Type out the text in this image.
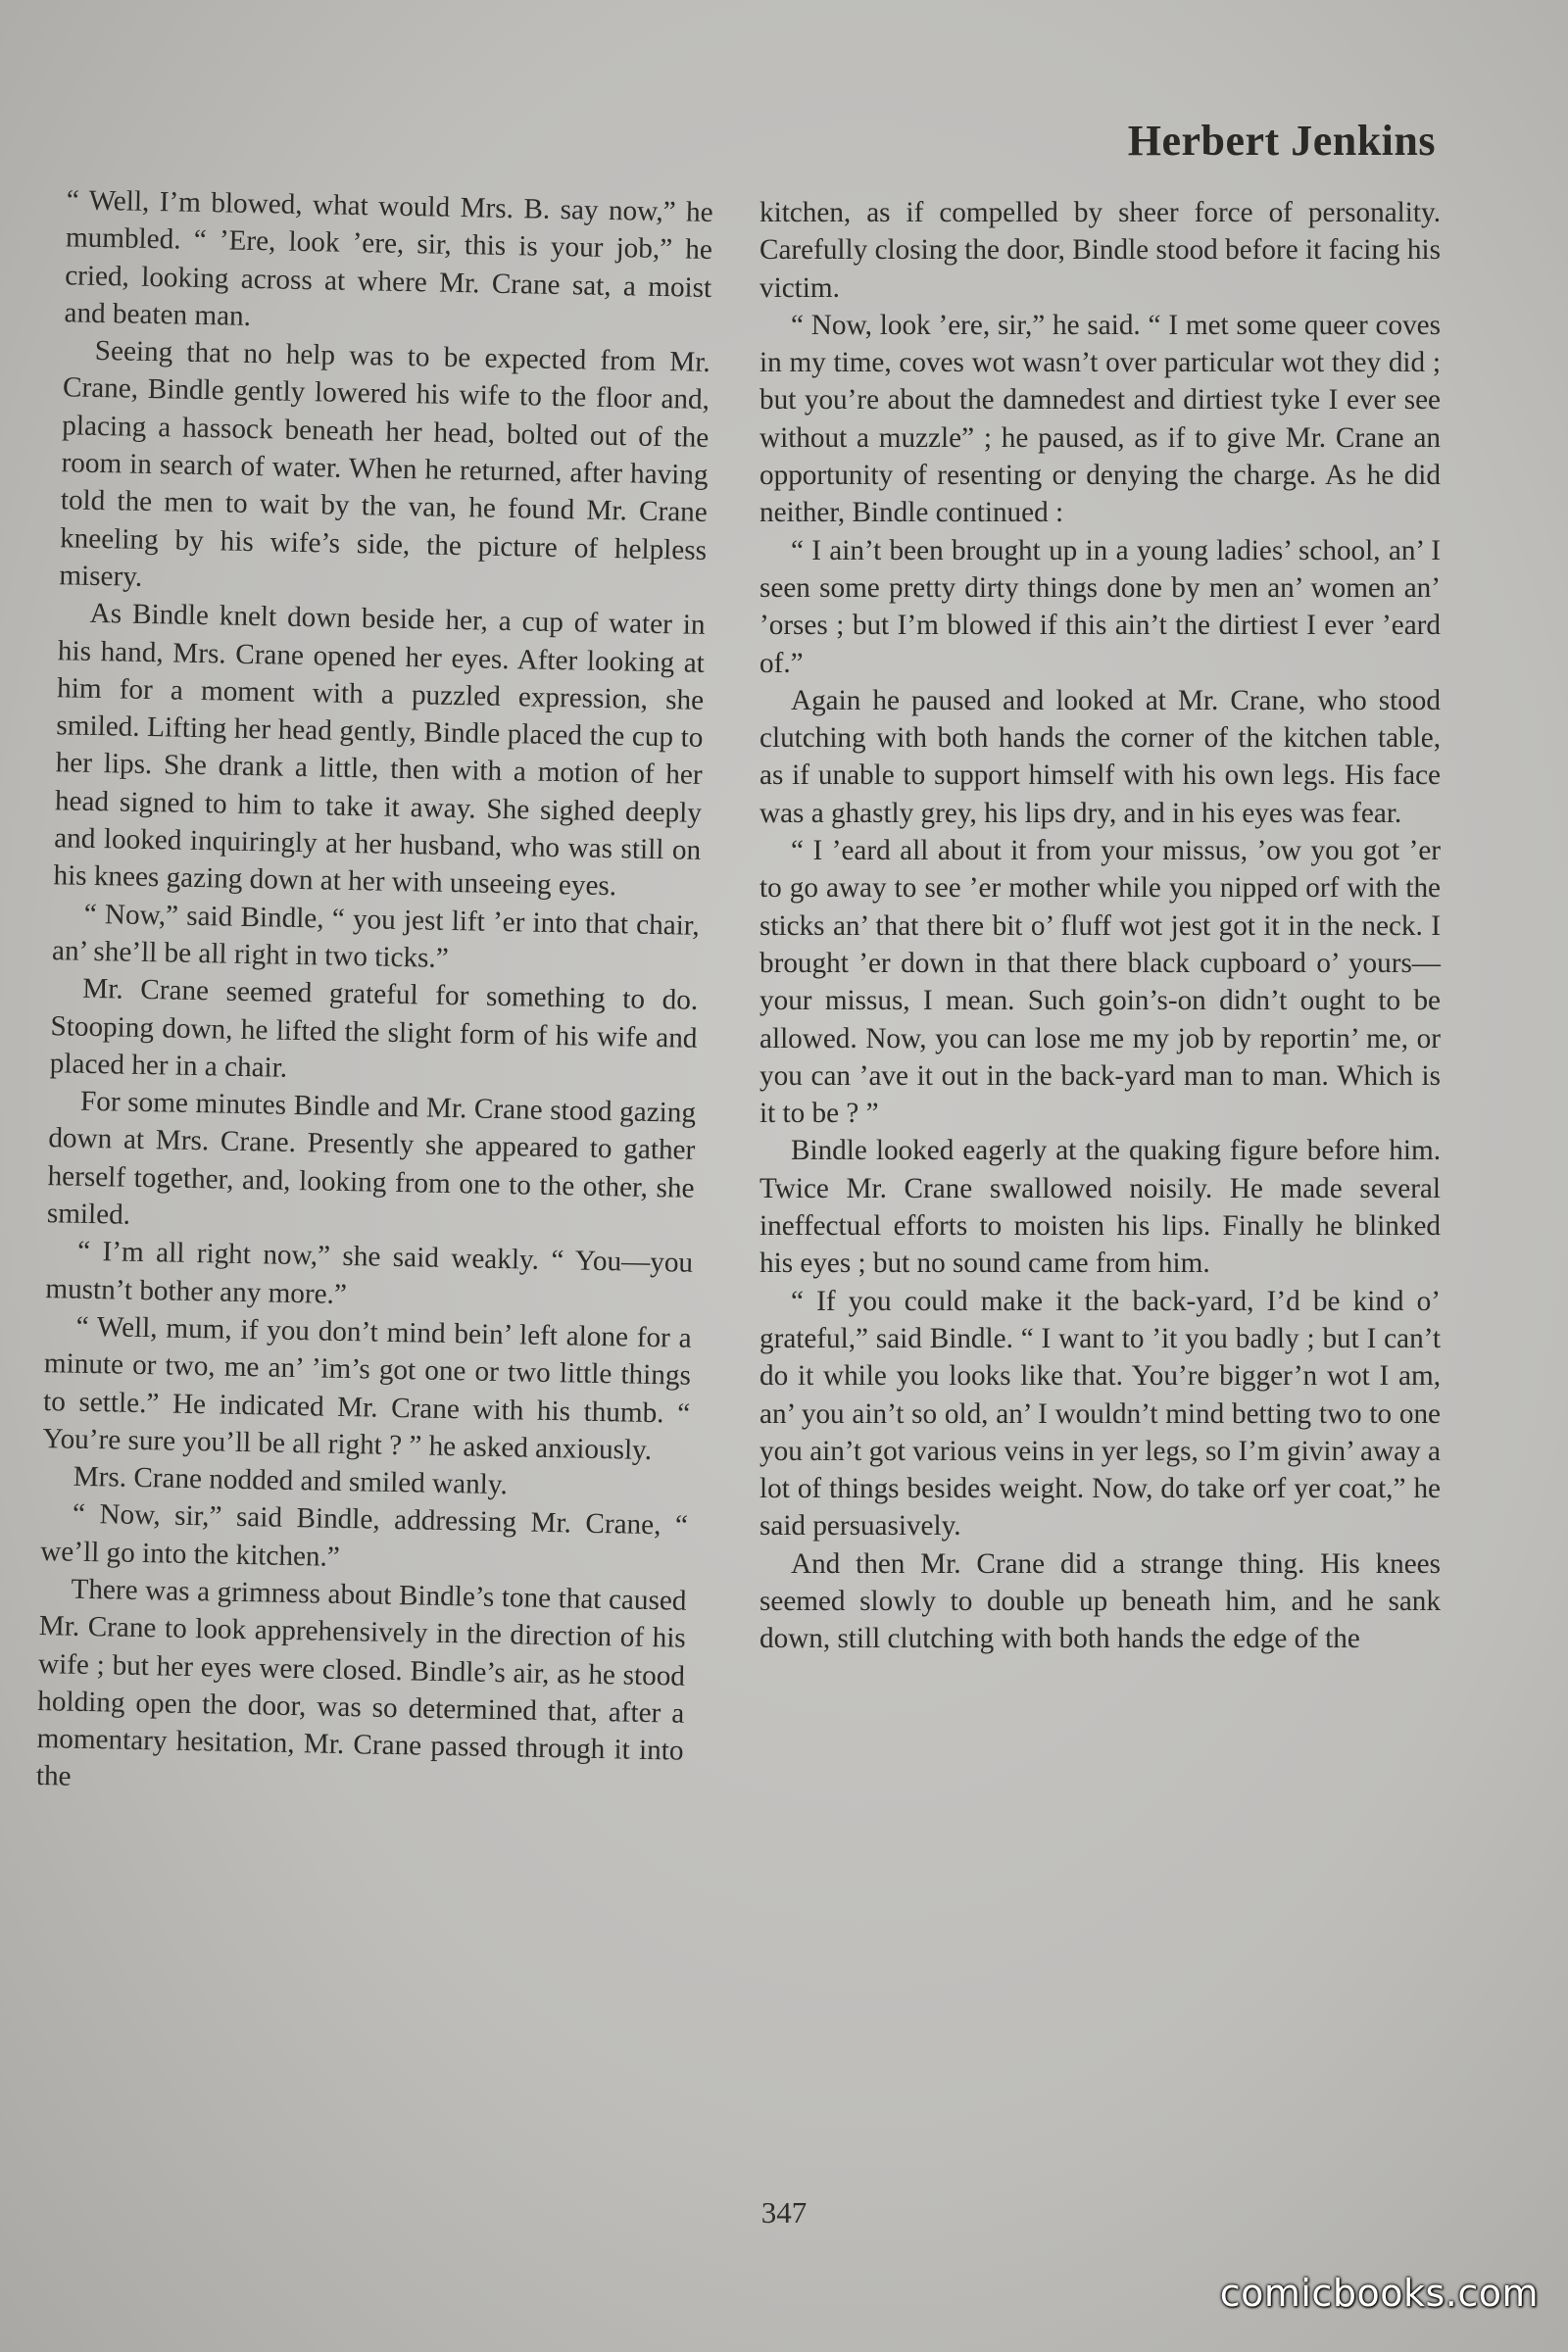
Herbert Jenkins

“ Well, I’m blowed, what would Mrs. B. say now,” he mumbled. “ ’Ere, look ’ere, sir, this is your job,” he cried, looking across at where Mr. Crane sat, a moist and beaten man.

Seeing that no help was to be expected from Mr. Crane, Bindle gently lowered his wife to the floor and, placing a hassock beneath her head, bolted out of the room in search of water. When he returned, after having told the men to wait by the van, he found Mr. Crane kneeling by his wife’s side, the picture of helpless misery.

As Bindle knelt down beside her, a cup of water in his hand, Mrs. Crane opened her eyes. After looking at him for a moment with a puzzled expression, she smiled. Lifting her head gently, Bindle placed the cup to her lips. She drank a little, then with a motion of her head signed to him to take it away. She sighed deeply and looked inquiringly at her husband, who was still on his knees gazing down at her with unseeing eyes.

“ Now,” said Bindle, “ you jest lift ’er into that chair, an’ she’ll be all right in two ticks.”

Mr. Crane seemed grateful for something to do. Stooping down, he lifted the slight form of his wife and placed her in a chair.

For some minutes Bindle and Mr. Crane stood gazing down at Mrs. Crane. Presently she appeared to gather herself together, and, looking from one to the other, she smiled.

“ I’m all right now,” she said weakly. “ You—you mustn’t bother any more.”

“ Well, mum, if you don’t mind bein’ left alone for a minute or two, me an’ ’im’s got one or two little things to settle.” He indicated Mr. Crane with his thumb. “ You’re sure you’ll be all right ? ” he asked anxiously.

Mrs. Crane nodded and smiled wanly.

“ Now, sir,” said Bindle, addressing Mr. Crane, “ we’ll go into the kitchen.”

There was a grimness about Bindle’s tone that caused Mr. Crane to look apprehensively in the direction of his wife ; but her eyes were closed. Bindle’s air, as he stood holding open the door, was so determined that, after a momentary hesitation, Mr. Crane passed through it into the

kitchen, as if compelled by sheer force of personality. Carefully closing the door, Bindle stood before it facing his victim.

“ Now, look ’ere, sir,” he said. “ I met some queer coves in my time, coves wot wasn’t over particular wot they did ; but you’re about the damnedest and dirtiest tyke I ever see without a muzzle” ; he paused, as if to give Mr. Crane an opportunity of resenting or denying the charge. As he did neither, Bindle continued :

“ I ain’t been brought up in a young ladies’ school, an’ I seen some pretty dirty things done by men an’ women an’ ’orses ; but I’m blowed if this ain’t the dirtiest I ever ’eard of.”

Again he paused and looked at Mr. Crane, who stood clutching with both hands the corner of the kitchen table, as if unable to support himself with his own legs. His face was a ghastly grey, his lips dry, and in his eyes was fear.

“ I ’eard all about it from your missus, ’ow you got ’er to go away to see ’er mother while you nipped orf with the sticks an’ that there bit o’ fluff wot jest got it in the neck. I brought ’er down in that there black cupboard o’ yours—your missus, I mean. Such goin’s-on didn’t ought to be allowed. Now, you can lose me my job by reportin’ me, or you can ’ave it out in the back-yard man to man. Which is it to be ? ”

Bindle looked eagerly at the quaking figure before him. Twice Mr. Crane swallowed noisily. He made several ineffectual efforts to moisten his lips. Finally he blinked his eyes ; but no sound came from him.

“ If you could make it the back-yard, I’d be kind o’ grateful,” said Bindle. “ I want to ’it you badly ; but I can’t do it while you looks like that. You’re bigger’n wot I am, an’ you ain’t so old, an’ I wouldn’t mind betting two to one you ain’t got various veins in yer legs, so I’m givin’ away a lot of things besides weight. Now, do take orf yer coat,” he said persuasively.

And then Mr. Crane did a strange thing. His knees seemed slowly to double up beneath him, and he sank down, still clutching with both hands the edge of the

347
comicbooks.com
